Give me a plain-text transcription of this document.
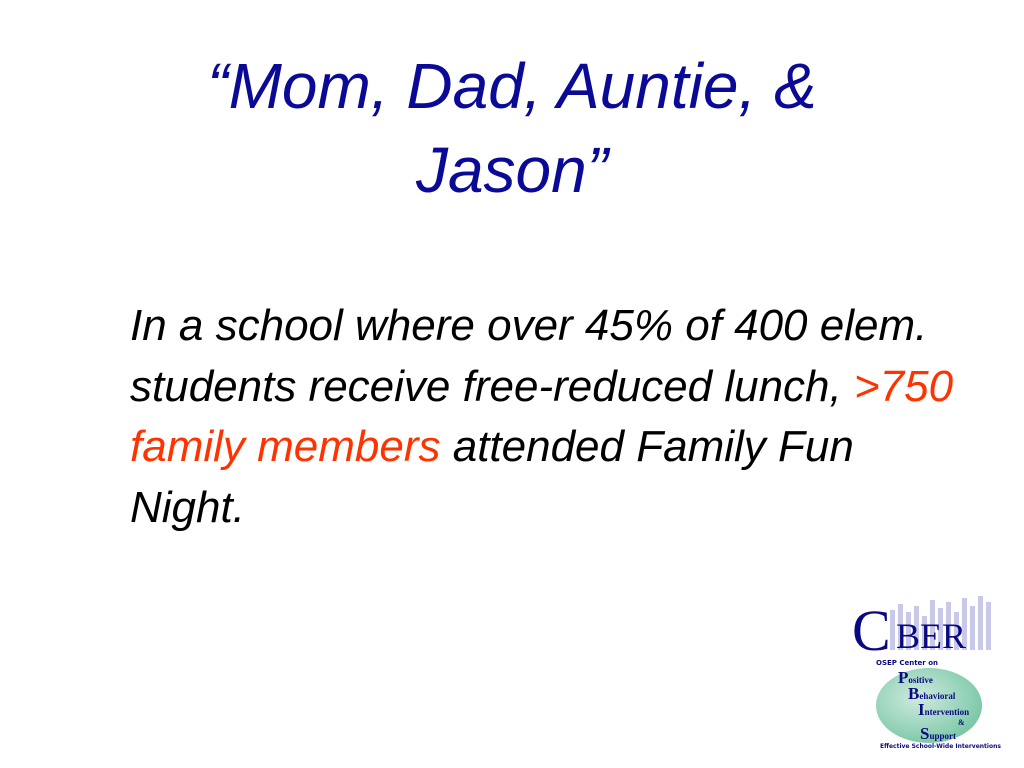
“Mom, Dad, Auntie, &
Jason”

In a school where over 45% of 400 elem. students receive free-reduced lunch, >750 family members attended Family Fun Night.

C BER
OSEP Center on
Positive
Behavioral
Intervention
&
Support
Effective School-Wide Interventions
